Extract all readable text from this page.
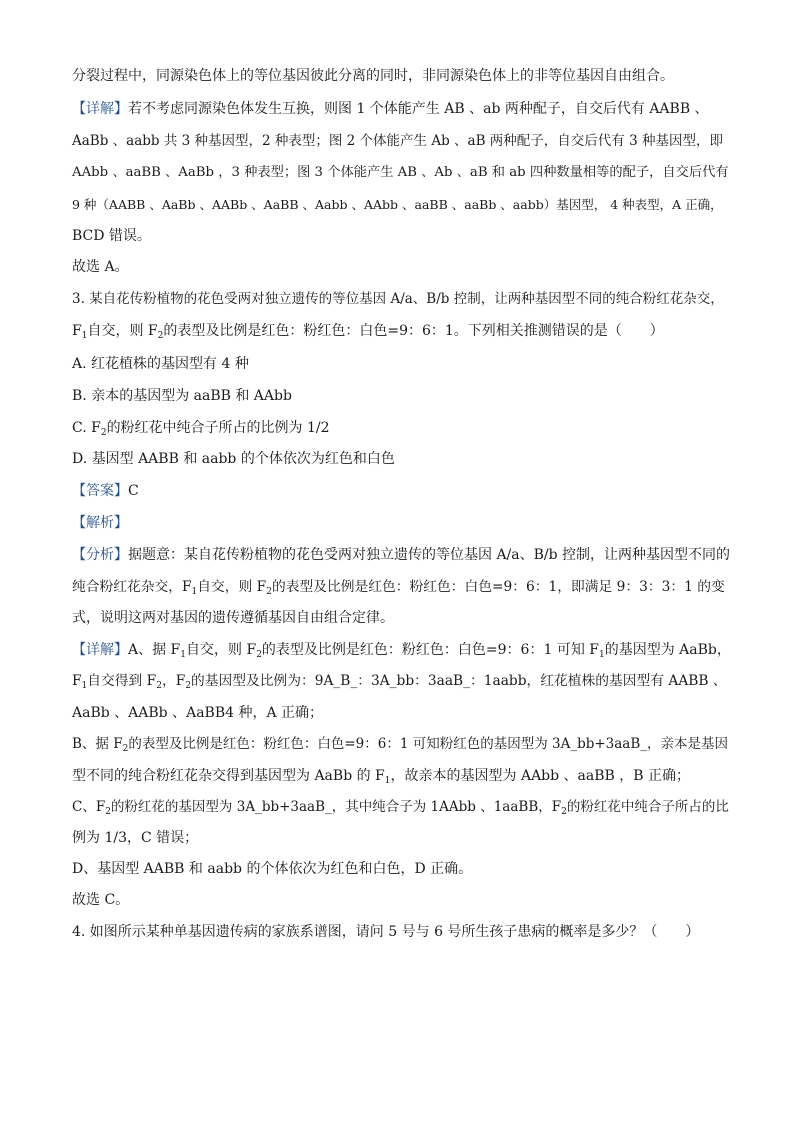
分裂过程中，同源染色体上的等位基因彼此分离的同时，非同源染色体上的非等位基因自由组合。
【详解】若不考虑同源染色体发生互换，则图 1 个体能产生 AB 、ab 两种配子，自交后代有 AABB 、
AaBb 、aabb 共 3 种基因型，2 种表型；图 2 个体能产生 Ab 、aB 两种配子，自交后代有 3 种基因型，即
AAbb 、aaBB 、AaBb ，3 种表型；图 3 个体能产生 AB 、Ab 、aB 和 ab 四种数量相等的配子，自交后代有
9 种（AABB 、AaBb 、AABb 、AaBB 、Aabb 、AAbb 、aaBB 、aaBb 、aabb）基因型， 4 种表型，A 正确，
BCD 错误。
故选 A。
3. 某自花传粉植物的花色受两对独立遗传的等位基因 A/a、B/b 控制，让两种基因型不同的纯合粉红花杂交，
$F_1$自交，则 $F_2$的表型及比例是红色：粉红色：白色=9：6：1。下列相关推测错误的是（　　）
A. 红花植株的基因型有 4 种
B. 亲本的基因型为 aaBB 和 AAbb
C. $F_2$的粉红花中纯合子所占的比例为 1/2
D. 基因型 AABB 和 aabb 的个体依次为红色和白色
【答案】C
【解析】
【分析】据题意：某自花传粉植物的花色受两对独立遗传的等位基因 A/a、B/b 控制，让两种基因型不同的
纯合粉红花杂交，$F_1$自交，则 $F_2$的表型及比例是红色：粉红色：白色=9：6：1，即满足 9：3：3：1 的变
式，说明这两对基因的遗传遵循基因自由组合定律。
【详解】A、据 $F_1$自交，则 $F_2$的表型及比例是红色：粉红色：白色=9：6：1 可知 $F_1$的基因型为 AaBb，
$F_1$自交得到 $F_2$，$F_2$的基因型及比例为：9A_B_：3A_bb：3aaB_：1aabb，红花植株的基因型有 AABB 、
AaBb 、AABb 、AaBB4 种，A 正确；
B、据 $F_2$的表型及比例是红色：粉红色：白色=9：6：1 可知粉红色的基因型为 3A_bb+3aaB_，亲本是基因
型不同的纯合粉红花杂交得到基因型为 AaBb 的 $F_1$，故亲本的基因型为 AAbb 、aaBB ，B 正确；
C、$F_2$的粉红花的基因型为 3A_bb+3aaB_，其中纯合子为 1AAbb 、1aaBB，$F_2$的粉红花中纯合子所占的比
例为 1/3，C 错误；
D、基因型 AABB 和 aabb 的个体依次为红色和白色，D 正确。
故选 C。
4. 如图所示某种单基因遗传病的家族系谱图，请问 5 号与 6 号所生孩子患病的概率是多少？（　　）
